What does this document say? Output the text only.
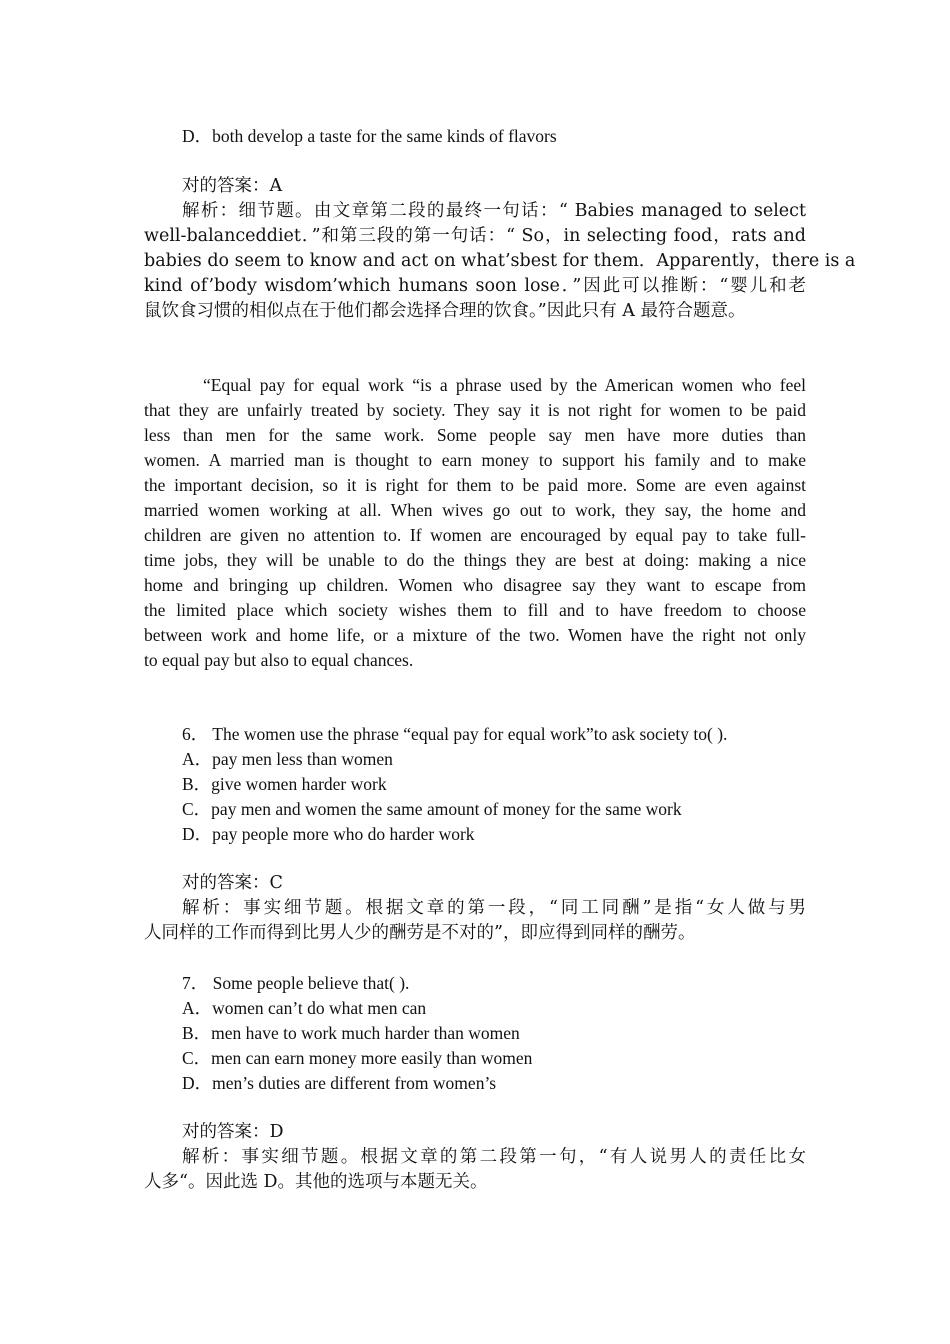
D．both develop a taste for the same kinds of flavors
对的答案：A
解析：细节题。由文章第二段的最终一句话：“ Babies managed to select
well-balanceddiet．”和第三段的第一句话：“ So，in selecting food，rats and
babies do seem to know and act on what’sbest for them．Apparently，there is a
kind of’body wisdom’which humans soon lose．”因此可以推断：“婴儿和老
鼠饮食习惯的相似点在于他们都会选择合理的饮食。”因此只有 A 最符合题意。
“Equal pay for equal work “is a phrase used by the American women who feel
that they are unfairly treated by society. They say it is not right for women to be paid
less than men for the same work. Some people say men have more duties than
women. A married man is thought to earn money to support his family and to make
the important decision, so it is right for them to be paid more. Some are even against
married women working at all. When wives go out to work, they say, the home and
children are given no attention to. If women are encouraged by equal pay to take full-
time jobs, they will be unable to do the things they are best at doing: making a nice
home and bringing up children. Women who disagree say they want to escape from
the limited place which society wishes them to fill and to have freedom to choose
between work and home life, or a mixture of the two. Women have the right not only
to equal pay but also to equal chances.
6． The women use the phrase “equal pay for equal work”to ask society to( ).
A．pay men less than women
B．give women harder work
C．pay men and women the same amount of money for the same work
D．pay people more who do harder work
对的答案：C
解析：事实细节题。根据文章的第一段，“同工同酬”是指“女人做与男
人同样的工作而得到比男人少的酬劳是不对的”，即应得到同样的酬劳。
7． Some people believe that( ).
A．women can’t do what men can
B．men have to work much harder than women
C．men can earn money more easily than women
D．men’s duties are different from women’s
对的答案：D
解析：事实细节题。根据文章的第二段第一句，“有人说男人的责任比女
人多“。因此选 D。其他的选项与本题无关。
